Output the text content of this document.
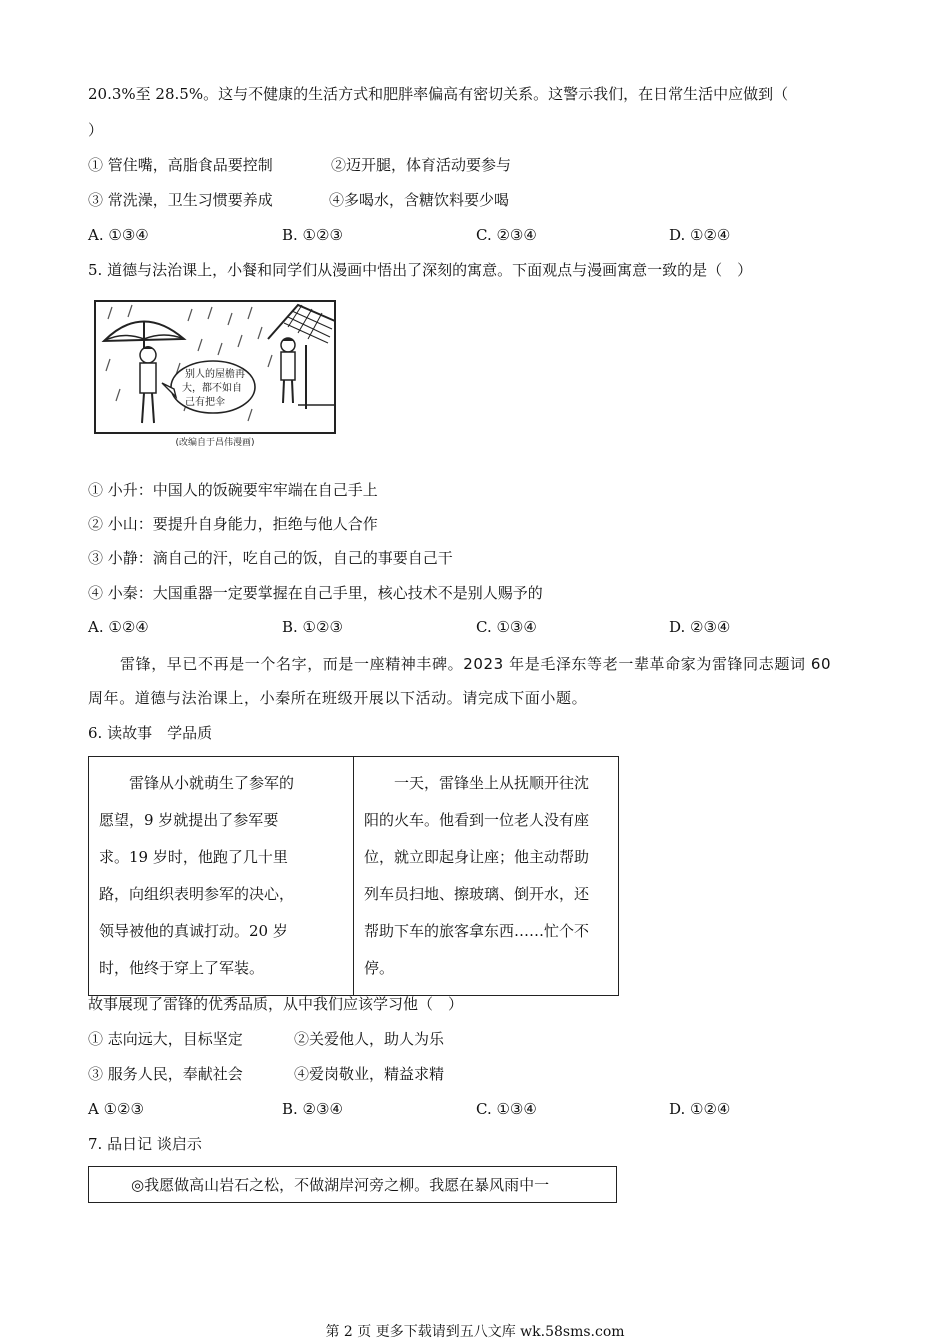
20.3%至 28.5%。这与不健康的生活方式和肥胖率偏高有密切关系。这警示我们，在日常生活中应做到（
）
① 管住嘴，高脂食品要控制	②迈开腿，体育活动要参与
③ 常洗澡，卫生习惯要养成	④多喝水，含糖饮料要少喝
A. ①③④	B. ①②③	C. ②③④	D. ①②④
5. 道德与法治课上，小餐和同学们从漫画中悟出了深刻的寓意。下面观点与漫画寓意一致的是（　）
别人的屋檐再
大，都不如自
己有把伞
(改编自于昌伟漫画)
① 小升：中国人的饭碗要牢牢端在自己手上
② 小山：要提升自身能力，拒绝与他人合作
③ 小静：滴自己的汗，吃自己的饭，自己的事要自己干
④ 小秦：大国重器一定要掌握在自己手里，核心技术不是别人赐予的
A. ①②④	B. ①②③	C. ①③④	D. ②③④
雷锋，早已不再是一个名字，而是一座精神丰碑。2023 年是毛泽东等老一辈革命家为雷锋同志题词 60
周年。道德与法治课上，小秦所在班级开展以下活动。请完成下面小题。
6. 读故事　学品质
　　雷锋从小就萌生了参军的
愿望，9 岁就提出了参军要
求。19 岁时，他跑了几十里
路，向组织表明参军的决心，
领导被他的真诚打动。20 岁
时，他终于穿上了军装。

　　一天，雷锋坐上从抚顺开往沈
阳的火车。他看到一位老人没有座
位，就立即起身让座；他主动帮助
列车员扫地、擦玻璃、倒开水，还
帮助下车的旅客拿东西……忙个不
停。
故事展现了雷锋的优秀品质，从中我们应该学习他（　）
① 志向远大，目标坚定	②关爱他人，助人为乐
③ 服务人民，奉献社会	④爱岗敬业，精益求精
A ①②③	B. ②③④	C. ①③④	D. ①②④
7. 品日记 谈启示
◎我愿做高山岩石之松，不做湖岸河旁之柳。我愿在暴风雨中一
第 2 页 更多下载请到五八文库 wk.58sms.com
